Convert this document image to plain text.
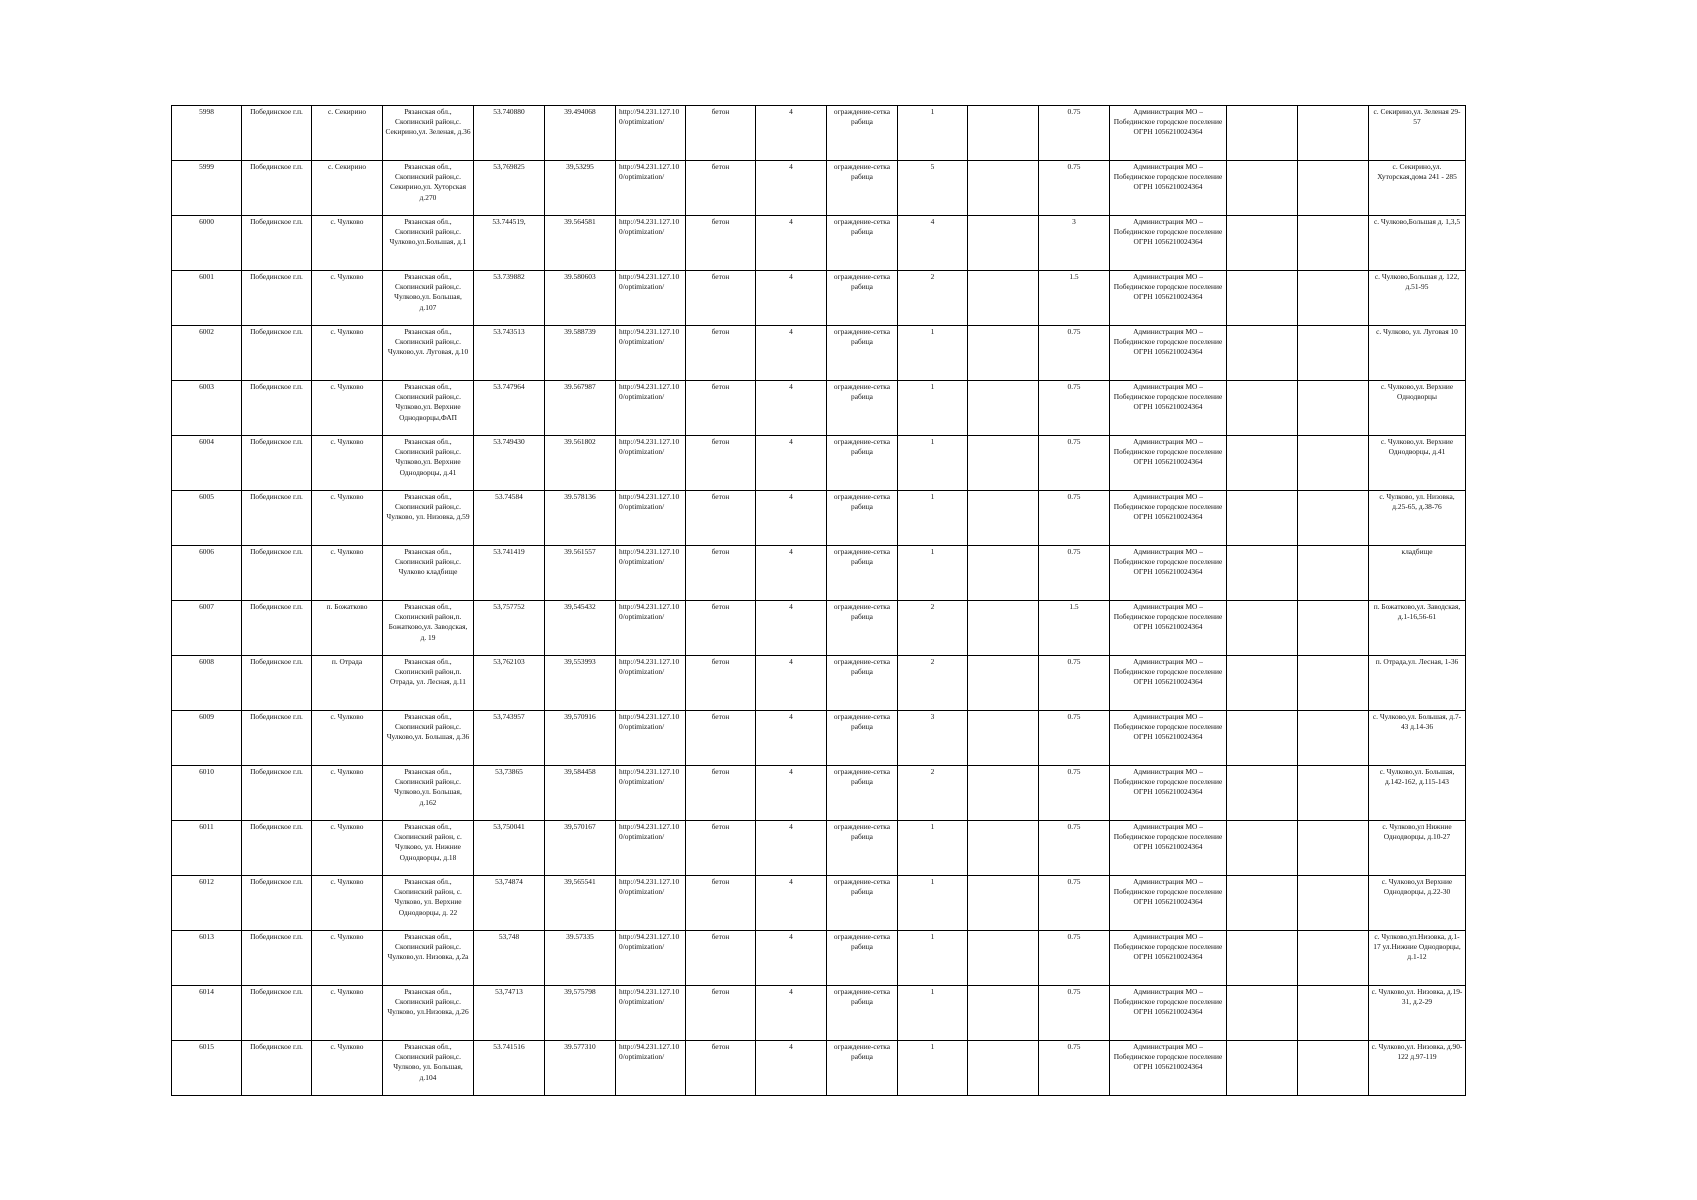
5998	Побединское г.п.	с. Секирино	Рязанская обл., Скопинский район,с. Секирино,ул. Зеленая, д.36	53.740880	39.494068	http://94.231.127.10 0/optimization/	бетон	4	ограждение-сетка рабица	1		0.75	Администрация МО – Побединское городское поселение ОГРН 1056210024364			с. Секирино,ул. Зеленая 29-57
5999	Побединское г.п.	с. Секирино	Рязанская обл., Скопинский район,с. Секирино,ул. Хуторская д.270	53,769825	39,53295	http://94.231.127.10 0/optimization/	бетон	4	ограждение-сетка рабица	5		0.75	Администрация МО – Побединское городское поселение ОГРН 1056210024364			с. Секирино,ул. Хуторская,дома 241 - 285
6000	Побединское г.п.	с. Чулково	Рязанская обл., Скопинский район,с. Чулково,ул.Большая, д.1	53.744519,	39.564581	http://94.231.127.10 0/optimization/	бетон	4	ограждение-сетка рабица	4		3	Администрация МО – Побединское городское поселение ОГРН 1056210024364			с. Чулково,Большая д. 1,3,5
6001	Побединское г.п.	с. Чулково	Рязанская обл., Скопинский район,с. Чулково,ул. Большая, д.107	53.739882	39.580603	http://94.231.127.10 0/optimization/	бетон	4	ограждение-сетка рабица	2		1.5	Администрация МО – Побединское городское поселение ОГРН 1056210024364			с. Чулково,Большая д. 122, д.51-95
6002	Побединское г.п.	с. Чулково	Рязанская обл., Скопинский район,с. Чулково,ул. Луговая, д.10	53.743513	39.588739	http://94.231.127.10 0/optimization/	бетон	4	ограждение-сетка рабица	1		0.75	Администрация МО – Побединское городское поселение ОГРН 1056210024364			с. Чулково, ул. Луговая 10
6003	Побединское г.п.	с. Чулково	Рязанская обл., Скопинский район,с. Чулково,ул. Верхние Однодворцы,ФАП	53.747964	39.567987	http://94.231.127.10 0/optimization/	бетон	4	ограждение-сетка рабица	1		0.75	Администрация МО – Побединское городское поселение ОГРН 1056210024364			с. Чулково,ул. Верхние Однодворцы
6004	Побединское г.п.	с. Чулково	Рязанская обл., Скопинский район,с. Чулково,ул. Верхние Однодворцы, д.41	53.749430	39.561802	http://94.231.127.10 0/optimization/	бетон	4	ограждение-сетка рабица	1		0.75	Администрация МО – Побединское городское поселение ОГРН 1056210024364			с. Чулково,ул. Верхние Однодворцы, д.41
6005	Побединское г.п.	с. Чулково	Рязанская обл., Скопинский район,с. Чулково, ул. Низовка, д.59	53.74584	39.578136	http://94.231.127.10 0/optimization/	бетон	4	ограждение-сетка рабица	1		0.75	Администрация МО – Побединское городское поселение ОГРН 1056210024364			с. Чулково, ул. Низовка, д.25-65, д.38-76
6006	Побединское г.п.	с. Чулково	Рязанская обл., Скопинский район,с. Чулково кладбище	53.741419	39.561557	http://94.231.127.10 0/optimization/	бетон	4	ограждение-сетка рабица	1		0.75	Администрация МО – Побединское городское поселение ОГРН 1056210024364			кладбище
6007	Побединское г.п.	п. Божатково	Рязанская обл., Скопинский район,п. Божатково,ул. Заводская, д. 19	53,757752	39,545432	http://94.231.127.10 0/optimization/	бетон	4	ограждение-сетка рабица	2		1.5	Администрация МО – Побединское городское поселение ОГРН 1056210024364			п. Божатково,ул. Заводская, д.1-16,56-61
6008	Побединское г.п.	п. Отрада	Рязанская обл., Скопинский район,п. Отрада, ул. Лесная, д.11	53,762103	39,553993	http://94.231.127.10 0/optimization/	бетон	4	ограждение-сетка рабица	2		0.75	Администрация МО – Побединское городское поселение ОГРН 1056210024364			п. Отрада,ул. Лесная, 1-36
6009	Побединское г.п.	с. Чулково	Рязанская обл., Скопинский район,с. Чулково,ул. Большая, д.36	53,743957	39,570916	http://94.231.127.10 0/optimization/	бетон	4	ограждение-сетка рабица	3		0.75	Администрация МО – Побединское городское поселение ОГРН 1056210024364			с. Чулково,ул. Большая, д.7-43 д.14-36
6010	Побединское г.п.	с. Чулково	Рязанская обл., Скопинский район,с. Чулково,ул. Большая, д.162	53,73865	39,584458	http://94.231.127.10 0/optimization/	бетон	4	ограждение-сетка рабица	2		0.75	Администрация МО – Побединское городское поселение ОГРН 1056210024364			с. Чулково,ул. Большая, д.142-162, д.115-143
6011	Побединское г.п.	с. Чулково	Рязанская обл., Скопинский район, с. Чулково, ул. Нижние Однодворцы, д.18	53,750041	39,570167	http://94.231.127.10 0/optimization/	бетон	4	ограждение-сетка рабица	1		0.75	Администрация МО – Побединское городское поселение ОГРН 1056210024364			с. Чулково,ул Нижние Однодворцы, д.10-27
6012	Побединское г.п.	с. Чулково	Рязанская обл., Скопинский район, с. Чулково, ул. Верхние Однодворцы, д. 22	53,74874	39,565541	http://94.231.127.10 0/optimization/	бетон	4	ограждение-сетка рабица	1		0.75	Администрация МО – Побединское городское поселение ОГРН 1056210024364			с. Чулково,ул Верхние Однодворцы, д.22-30
6013	Побединское г.п.	с. Чулково	Рязанская обл., Скопинский район,с. Чулково,ул. Низовка, д.2а	53,748	39.57335	http://94.231.127.10 0/optimization/	бетон	4	ограждение-сетка рабица	1		0.75	Администрация МО – Побединское городское поселение ОГРН 1056210024364			с. Чулково,ул.Низовка, д.1-17 ул.Нижние Однодворцы, д.1-12
6014	Побединское г.п.	с. Чулково	Рязанская обл., Скопинский район,с. Чулково, ул.Низовка, д.26	53,74713	39,575798	http://94.231.127.10 0/optimization/	бетон	4	ограждение-сетка рабица	1		0.75	Администрация МО – Побединское городское поселение ОГРН 1056210024364			с. Чулково,ул. Низовка, д.19-31, д.2-29
6015	Побединское г.п.	с. Чулково	Рязанская обл., Скопинский район,с. Чулково, ул. Большая, д.104	53.741516	39.577310	http://94.231.127.10 0/optimization/	бетон	4	ограждение-сетка рабица	1		0.75	Администрация МО – Побединское городское поселение ОГРН 1056210024364			с. Чулково,ул. Низовка, д.90-122 д.97-119
